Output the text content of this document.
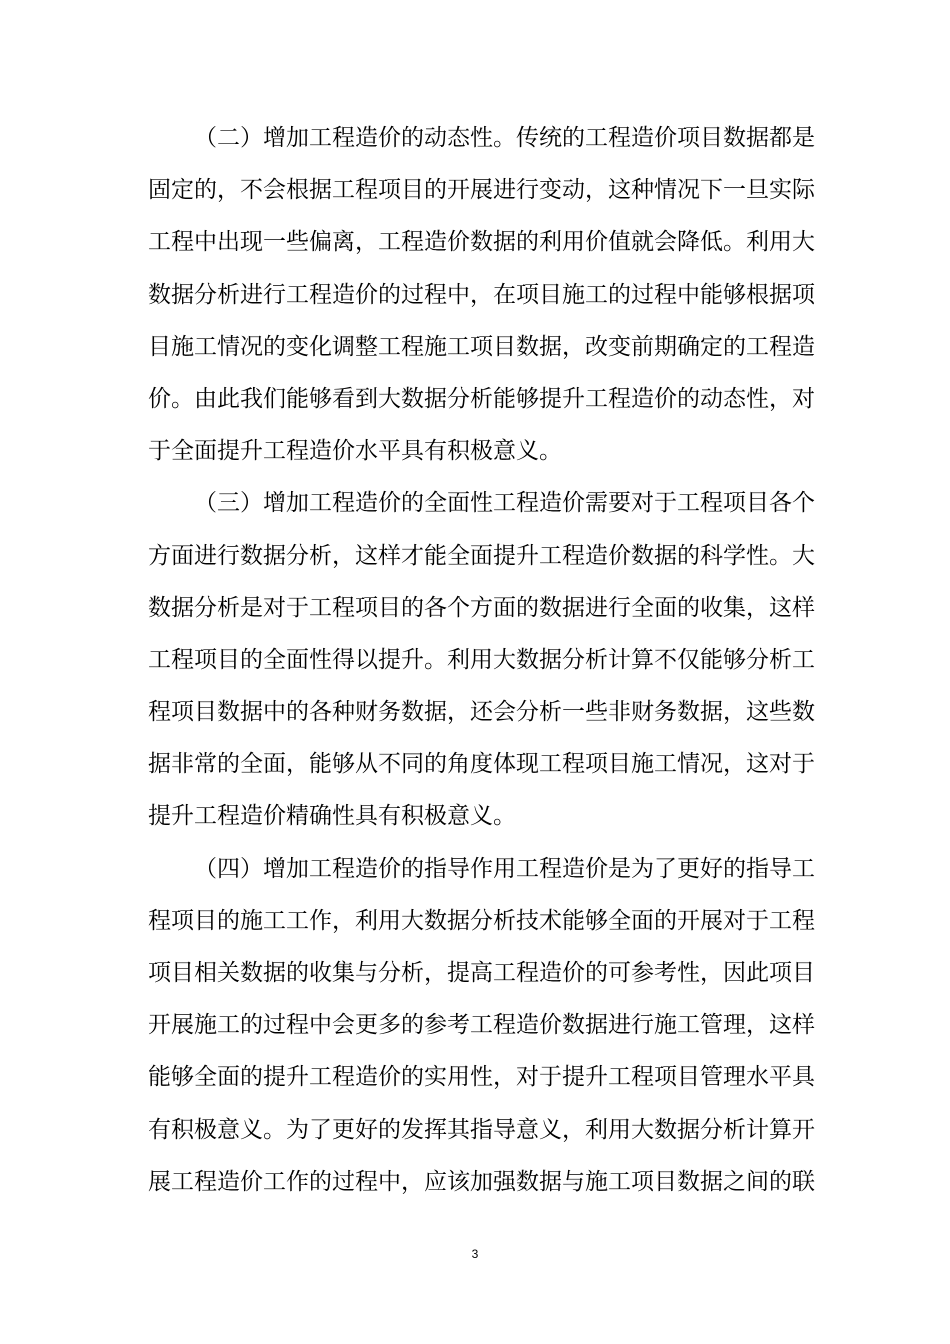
（二）增加工程造价的动态性。传统的工程造价项目数据都是
固定的，不会根据工程项目的开展进行变动，这种情况下一旦实际
工程中出现一些偏离，工程造价数据的利用价值就会降低。利用大
数据分析进行工程造价的过程中，在项目施工的过程中能够根据项
目施工情况的变化调整工程施工项目数据，改变前期确定的工程造
价。由此我们能够看到大数据分析能够提升工程造价的动态性，对
于全面提升工程造价水平具有积极意义。
（三）增加工程造价的全面性工程造价需要对于工程项目各个
方面进行数据分析，这样才能全面提升工程造价数据的科学性。大
数据分析是对于工程项目的各个方面的数据进行全面的收集，这样
工程项目的全面性得以提升。利用大数据分析计算不仅能够分析工
程项目数据中的各种财务数据，还会分析一些非财务数据，这些数
据非常的全面，能够从不同的角度体现工程项目施工情况，这对于
提升工程造价精确性具有积极意义。
（四）增加工程造价的指导作用工程造价是为了更好的指导工
程项目的施工工作，利用大数据分析技术能够全面的开展对于工程
项目相关数据的收集与分析，提高工程造价的可参考性，因此项目
开展施工的过程中会更多的参考工程造价数据进行施工管理，这样
能够全面的提升工程造价的实用性，对于提升工程项目管理水平具
有积极意义。为了更好的发挥其指导意义，利用大数据分析计算开
展工程造价工作的过程中，应该加强数据与施工项目数据之间的联
3
